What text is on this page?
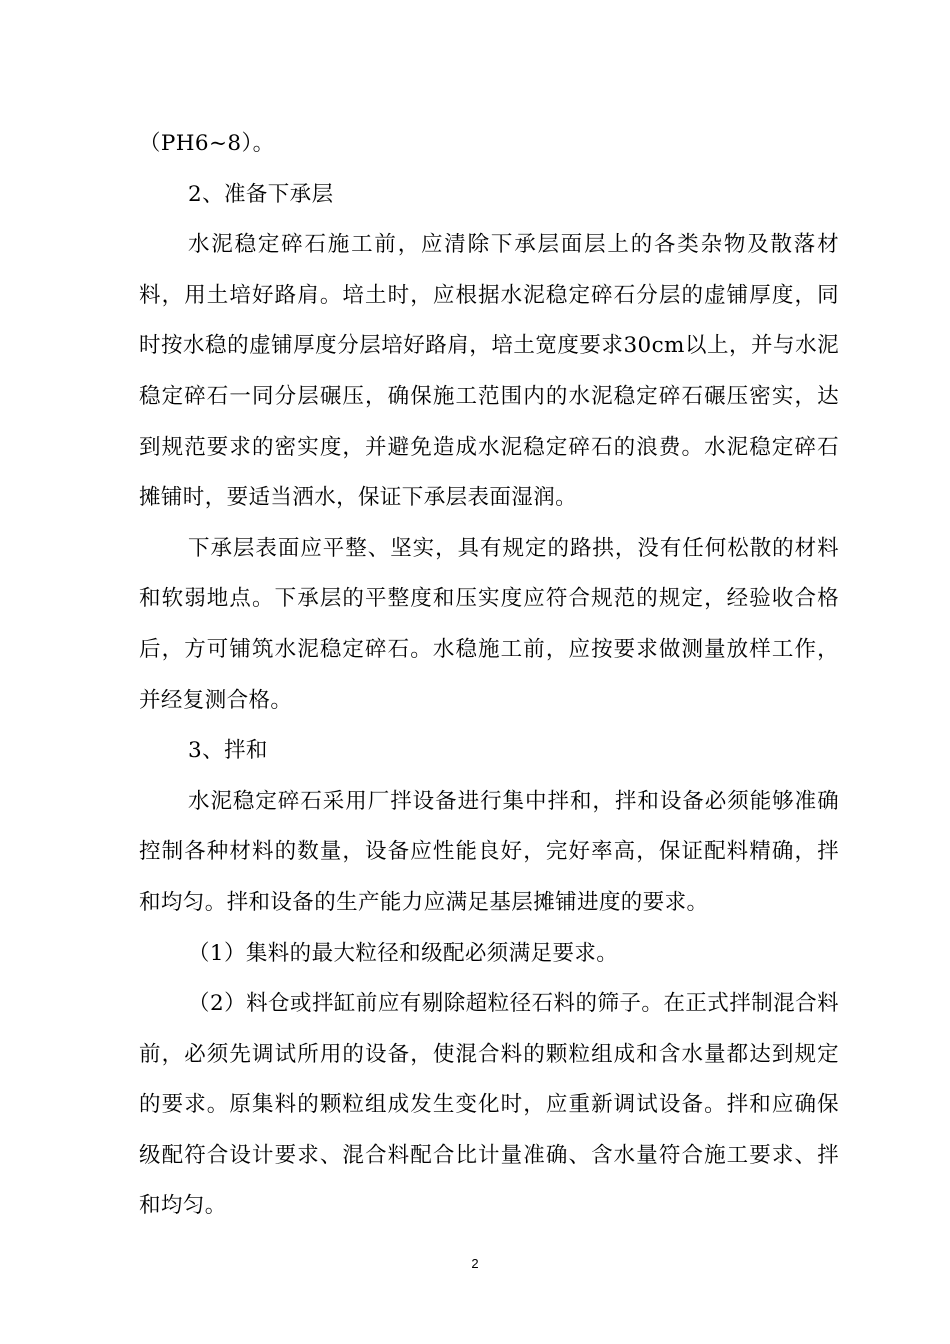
（PH6~8）。

2、准备下承层

水泥稳定碎石施工前，应清除下承层面层上的各类杂物及散落材料，用土培好路肩。培土时，应根据水泥稳定碎石分层的虚铺厚度，同时按水稳的虚铺厚度分层培好路肩，培土宽度要求30cm以上，并与水泥稳定碎石一同分层碾压，确保施工范围内的水泥稳定碎石碾压密实，达到规范要求的密实度，并避免造成水泥稳定碎石的浪费。水泥稳定碎石摊铺时，要适当洒水，保证下承层表面湿润。

下承层表面应平整、坚实，具有规定的路拱，没有任何松散的材料和软弱地点。下承层的平整度和压实度应符合规范的规定，经验收合格后，方可铺筑水泥稳定碎石。水稳施工前，应按要求做测量放样工作，并经复测合格。

3、拌和

水泥稳定碎石采用厂拌设备进行集中拌和，拌和设备必须能够准确控制各种材料的数量，设备应性能良好，完好率高，保证配料精确，拌和均匀。拌和设备的生产能力应满足基层摊铺进度的要求。

（1）集料的最大粒径和级配必须满足要求。

（2）料仓或拌缸前应有剔除超粒径石料的筛子。在正式拌制混合料前，必须先调试所用的设备，使混合料的颗粒组成和含水量都达到规定的要求。原集料的颗粒组成发生变化时，应重新调试设备。拌和应确保级配符合设计要求、混合料配合比计量准确、含水量符合施工要求、拌和均匀。

2
